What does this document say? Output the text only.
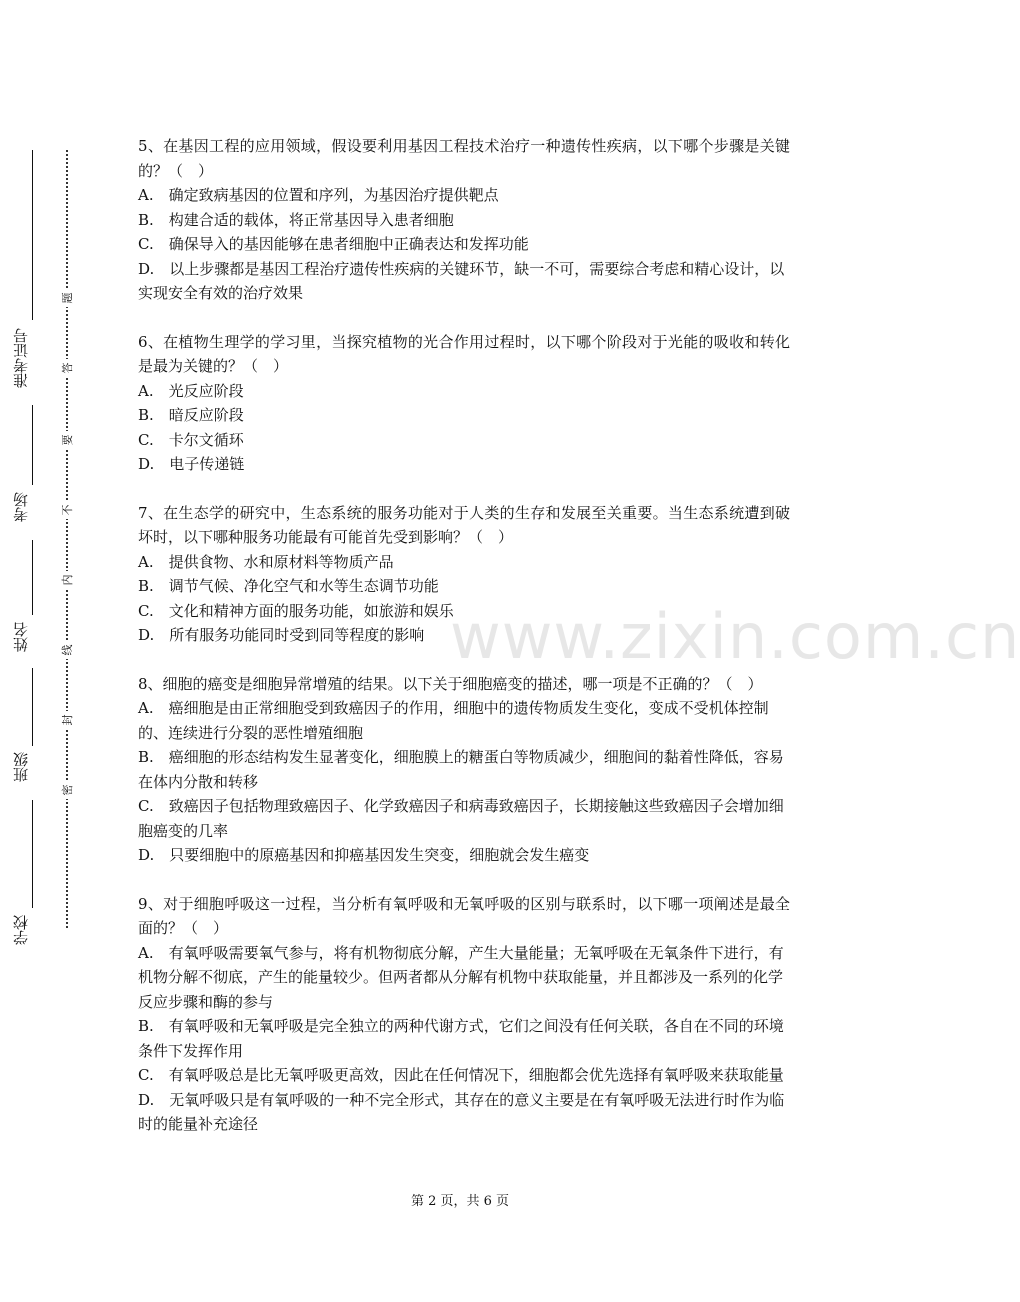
www.zixin.com.cn
准考证号
考场
姓名
班级
学校
题
答
要
不
内
线
封
密

5、在基因工程的应用领域，假设要利用基因工程技术治疗一种遗传性疾病，以下哪个步骤是关键的？（　）

A.　确定致病基因的位置和序列，为基因治疗提供靶点

B.　构建合适的载体，将正常基因导入患者细胞

C.　确保导入的基因能够在患者细胞中正确表达和发挥功能

D.　以上步骤都是基因工程治疗遗传性疾病的关键环节，缺一不可，需要综合考虑和精心设计，以实现安全有效的治疗效果

6、在植物生理学的学习里，当探究植物的光合作用过程时，以下哪个阶段对于光能的吸收和转化是最为关键的？（　）

A.　光反应阶段

B.　暗反应阶段

C.　卡尔文循环

D.　电子传递链

7、在生态学的研究中，生态系统的服务功能对于人类的生存和发展至关重要。当生态系统遭到破坏时，以下哪种服务功能最有可能首先受到影响？（　）

A.　提供食物、水和原材料等物质产品

B.　调节气候、净化空气和水等生态调节功能

C.　文化和精神方面的服务功能，如旅游和娱乐

D.　所有服务功能同时受到同等程度的影响

8、细胞的癌变是细胞异常增殖的结果。以下关于细胞癌变的描述，哪一项是不正确的？（　）

A.　癌细胞是由正常细胞受到致癌因子的作用，细胞中的遗传物质发生变化，变成不受机体控制的、连续进行分裂的恶性增殖细胞

B.　癌细胞的形态结构发生显著变化，细胞膜上的糖蛋白等物质减少，细胞间的黏着性降低，容易在体内分散和转移

C.　致癌因子包括物理致癌因子、化学致癌因子和病毒致癌因子，长期接触这些致癌因子会增加细胞癌变的几率

D.　只要细胞中的原癌基因和抑癌基因发生突变，细胞就会发生癌变

9、对于细胞呼吸这一过程，当分析有氧呼吸和无氧呼吸的区别与联系时，以下哪一项阐述是最全面的？（　）

A.　有氧呼吸需要氧气参与，将有机物彻底分解，产生大量能量；无氧呼吸在无氧条件下进行，有机物分解不彻底，产生的能量较少。但两者都从分解有机物中获取能量，并且都涉及一系列的化学反应步骤和酶的参与

B.　有氧呼吸和无氧呼吸是完全独立的两种代谢方式，它们之间没有任何关联，各自在不同的环境条件下发挥作用

C.　有氧呼吸总是比无氧呼吸更高效，因此在任何情况下，细胞都会优先选择有氧呼吸来获取能量

D.　无氧呼吸只是有氧呼吸的一种不完全形式，其存在的意义主要是在有氧呼吸无法进行时作为临时的能量补充途径

第 2 页，共 6 页
